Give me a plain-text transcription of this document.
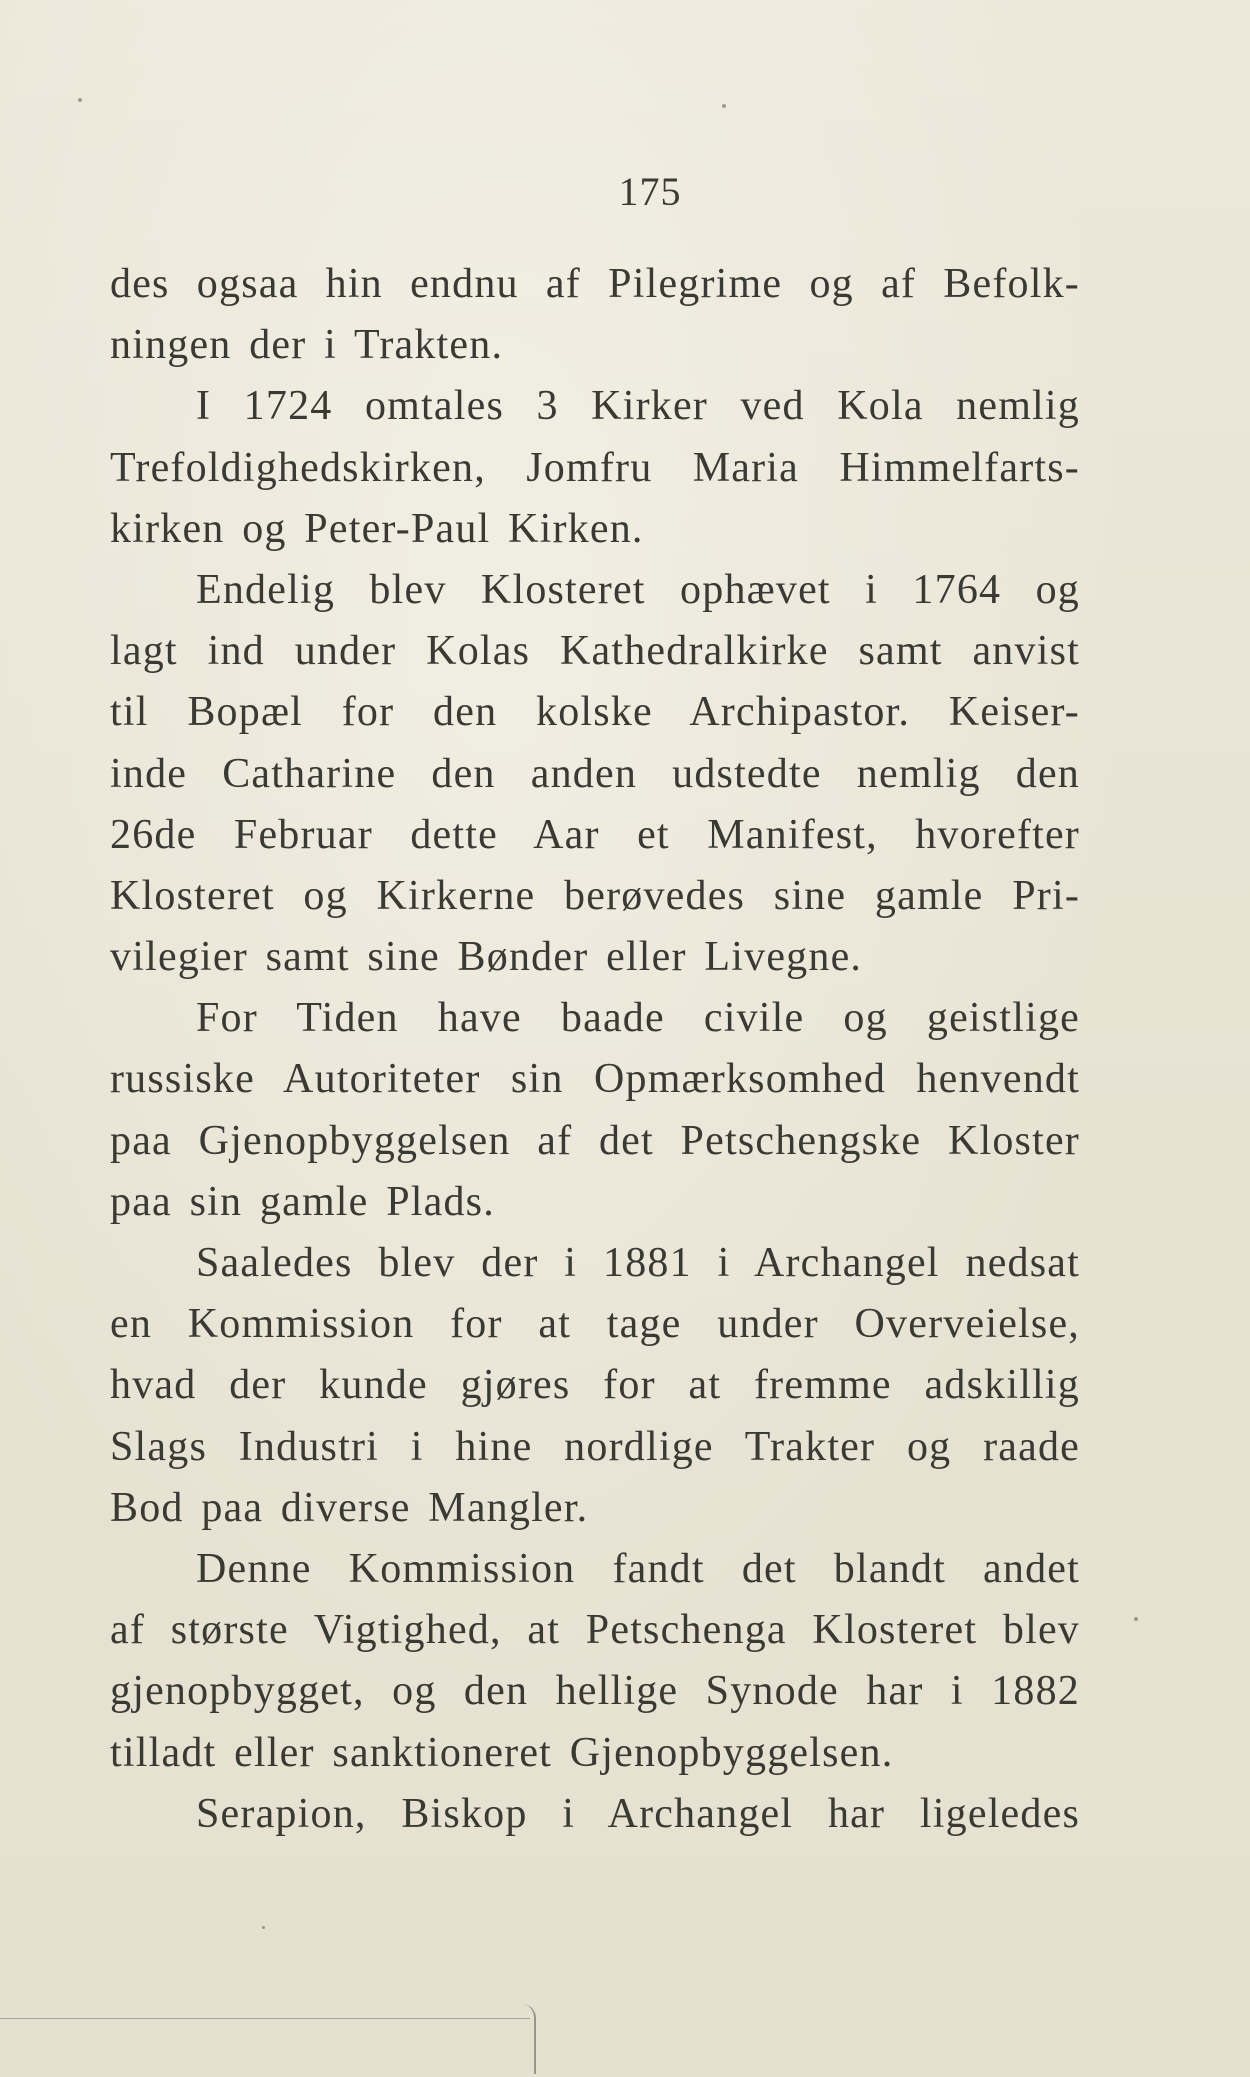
175
des ogsaa hin endnu af Pilegrime og af Befolk-
ningen der i Trakten.
I 1724 omtales 3 Kirker ved Kola nemlig
Trefoldighedskirken, Jomfru Maria Himmelfarts-
kirken og Peter-Paul Kirken.
Endelig blev Klosteret ophævet i 1764 og
lagt ind under Kolas Kathedralkirke samt anvist
til Bopæl for den kolske Archipastor. Keiser-
inde Catharine den anden udstedte nemlig den
26de Februar dette Aar et Manifest, hvorefter
Klosteret og Kirkerne berøvedes sine gamle Pri-
vilegier samt sine Bønder eller Livegne.
For Tiden have baade civile og geistlige
russiske Autoriteter sin Opmærksomhed henvendt
paa Gjenopbyggelsen af det Petschengske Kloster
paa sin gamle Plads.
Saaledes blev der i 1881 i Archangel nedsat
en Kommission for at tage under Overveielse,
hvad der kunde gjøres for at fremme adskillig
Slags Industri i hine nordlige Trakter og raade
Bod paa diverse Mangler.
Denne Kommission fandt det blandt andet
af største Vigtighed, at Petschenga Klosteret blev
gjenopbygget, og den hellige Synode har i 1882
tilladt eller sanktioneret Gjenopbyggelsen.
Serapion, Biskop i Archangel har ligeledes
